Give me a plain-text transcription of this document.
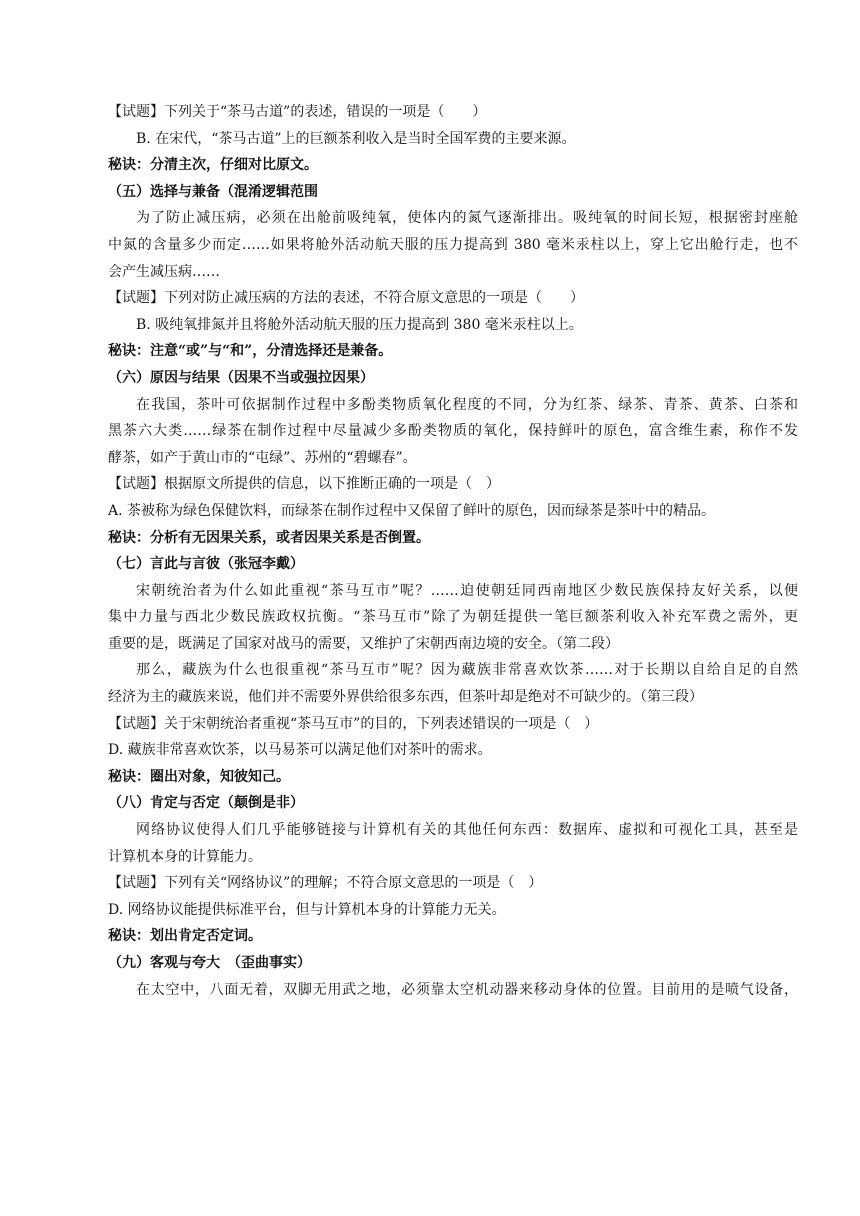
【试题】下列关于“茶马古道”的表述，错误的一项是（　　）
B. 在宋代，“茶马古道”上的巨额茶利收入是当时全国军费的主要来源。
秘诀：分清主次，仔细对比原文。
（五）选择与兼备（混淆逻辑范围
为了防止减压病，必须在出舱前吸纯氧，使体内的氮气逐渐排出。吸纯氧的时间长短，根据密封座舱
中氮的含量多少而定……如果将舱外活动航天服的压力提高到 380 毫米汞柱以上，穿上它出舱行走，也不
会产生减压病……
【试题】下列对防止减压病的方法的表述，不符合原文意思的一项是（　　）
B. 吸纯氧排氮并且将舱外活动航天服的压力提高到 380 毫米汞柱以上。
秘诀：注意“或”与“和”，分清选择还是兼备。
（六）原因与结果（因果不当或强拉因果）
在我国，茶叶可依据制作过程中多酚类物质氧化程度的不同，分为红茶、绿茶、青茶、黄茶、白茶和
黑茶六大类……绿茶在制作过程中尽量减少多酚类物质的氧化，保持鲜叶的原色，富含维生素，称作不发
酵茶，如产于黄山市的“屯绿”、苏州的“碧螺春”。
【试题】根据原文所提供的信息，以下推断正确的一项是（　）
A. 茶被称为绿色保健饮料，而绿茶在制作过程中又保留了鲜叶的原色，因而绿茶是茶叶中的精品。
秘诀：分析有无因果关系，或者因果关系是否倒置。
（七）言此与言彼（张冠李戴）
宋朝统治者为什么如此重视“茶马互市”呢？……迫使朝廷同西南地区少数民族保持友好关系，以便
集中力量与西北少数民族政权抗衡。“茶马互市”除了为朝廷提供一笔巨额茶利收入补充军费之需外，更
重要的是，既满足了国家对战马的需要，又维护了宋朝西南边境的安全。（第二段）
那么，藏族为什么也很重视“茶马互市”呢？因为藏族非常喜欢饮茶……对于长期以自给自足的自然
经济为主的藏族来说，他们并不需要外界供给很多东西，但茶叶却是绝对不可缺少的。（第三段）
【试题】关于宋朝统治者重视“茶马互市”的目的，下列表述错误的一项是（　）
D. 藏族非常喜欢饮茶，以马易茶可以满足他们对茶叶的需求。
秘诀：圈出对象，知彼知己。
（八）肯定与否定（颠倒是非）
网络协议使得人们几乎能够链接与计算机有关的其他任何东西：数据库、虚拟和可视化工具，甚至是
计算机本身的计算能力。
【试题】下列有关“网络协议”的理解；不符合原文意思的一项是（　）
D. 网络协议能提供标准平台，但与计算机本身的计算能力无关。
秘诀：划出肯定否定词。
（九）客观与夸大　（歪曲事实）
在太空中，八面无着，双脚无用武之地，必须靠太空机动器来移动身体的位置。目前用的是喷气设备，
